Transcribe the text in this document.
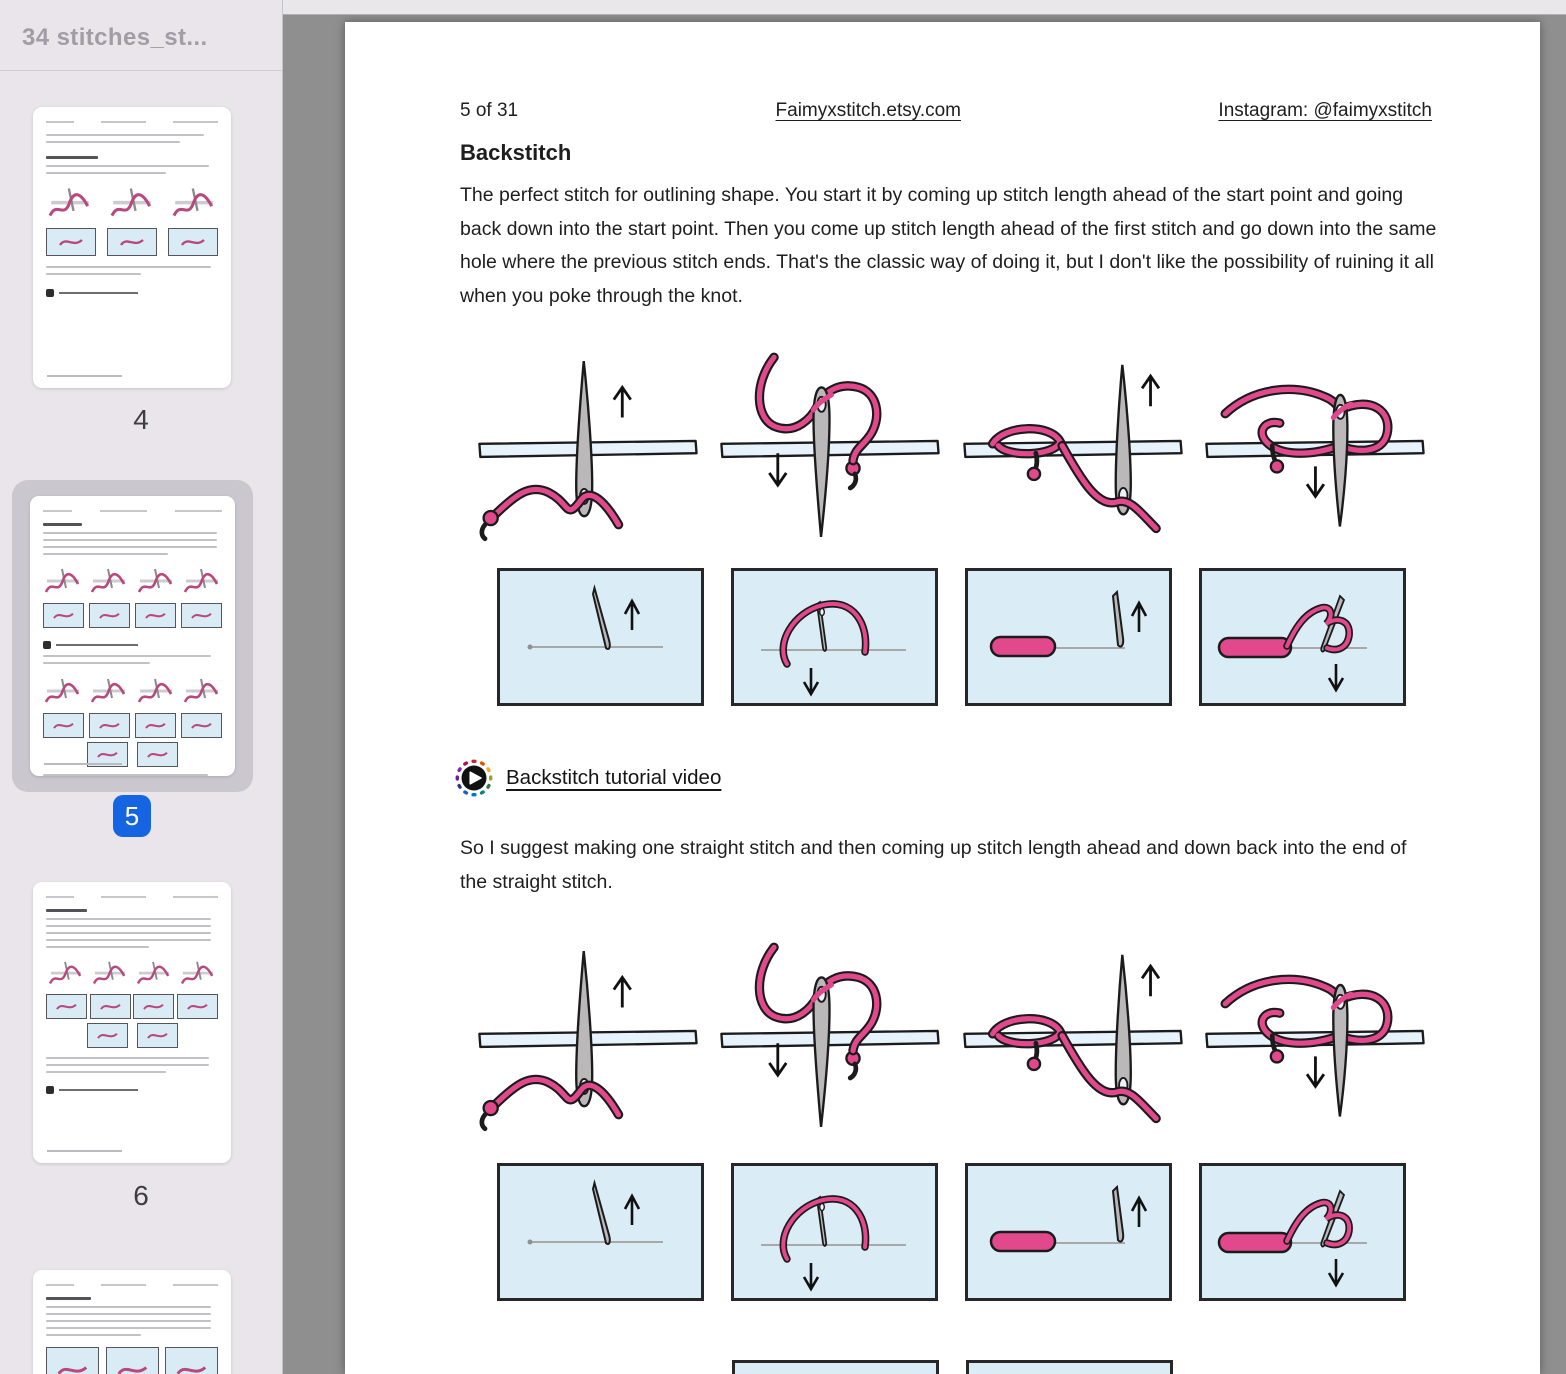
34 stitches_st...
4
5
6
5 of 31	Faimyxstitch.etsy.com	Instagram: @faimyxstitch
Backstitch
The perfect stitch for outlining shape. You start it by coming up stitch length ahead of the start point and going back down into the start point. Then you come up stitch length ahead of the first stitch and go down into the same hole where the previous stitch ends. That's the classic way of doing it, but I don't like the possibility of ruining it all when you poke through the knot.
Backstitch tutorial video
So I suggest making one straight stitch and then coming up stitch length ahead and down back into the end of the straight stitch.
